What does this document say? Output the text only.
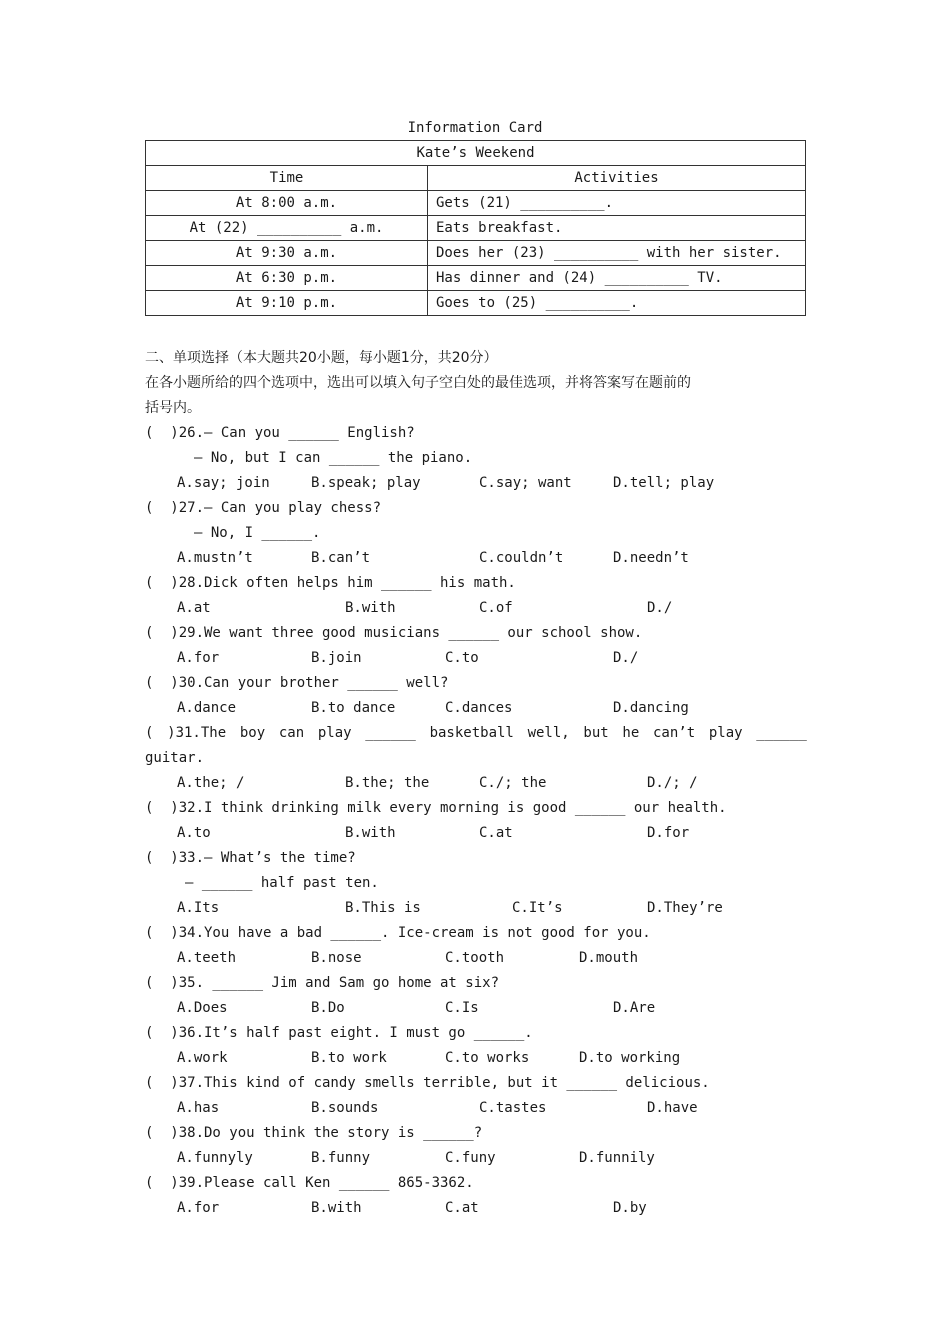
Information Card
Kate’s Weekend	
Time	Activities
At 8:00 a.m.	Gets (21) __________.
At (22) __________ a.m.	Eats breakfast.
At 9:30 a.m.	Does her (23) __________ with her sister.
At 6:30 p.m.	Has dinner and (24) __________ TV.
At 9:10 p.m.	Goes to (25) __________.
二、单项选择（本大题共20小题，每小题1分，共20分）
在各小题所给的四个选项中，选出可以填入句子空白处的最佳选项，并将答案写在题前的
括号内。
(  )26.— Can you ______ English?
— No, but I can ______ the piano.
A.say; join	B.speak; play	C.say; want	D.tell; play
(  )27.— Can you play chess?
— No, I ______.
A.mustn’t	B.can’t	C.couldn’t	D.needn’t
(  )28.Dick often helps him ______ his math.
A.at	B.with	C.of	D./
(  )29.We want three good musicians ______ our school show.
A.for	B.join	C.to	D./
(  )30.Can your brother ______ well?
A.dance	B.to dance	C.dances	D.dancing
( )31.The boy can play ______ basketball well, but he can’t play ______
guitar.
A.the; /	B.the; the	C./; the	D./; /
(  )32.I think drinking milk every morning is good ______ our health.
A.to	B.with	C.at	D.for
(  )33.— What’s the time?
— ______ half past ten.
A.Its	B.This is	C.It’s	D.They’re
(  )34.You have a bad ______. Ice-cream is not good for you.
A.teeth	B.nose	C.tooth	D.mouth
(  )35. ______ Jim and Sam go home at six?
A.Does	B.Do	C.Is	D.Are
(  )36.It’s half past eight. I must go ______.
A.work	B.to work	C.to works	D.to working
(  )37.This kind of candy smells terrible, but it ______ delicious.
A.has	B.sounds	C.tastes	D.have
(  )38.Do you think the story is ______?
A.funnyly	B.funny	C.funy	D.funnily
(  )39.Please call Ken ______ 865-3362.
A.for	B.with	C.at	D.by
